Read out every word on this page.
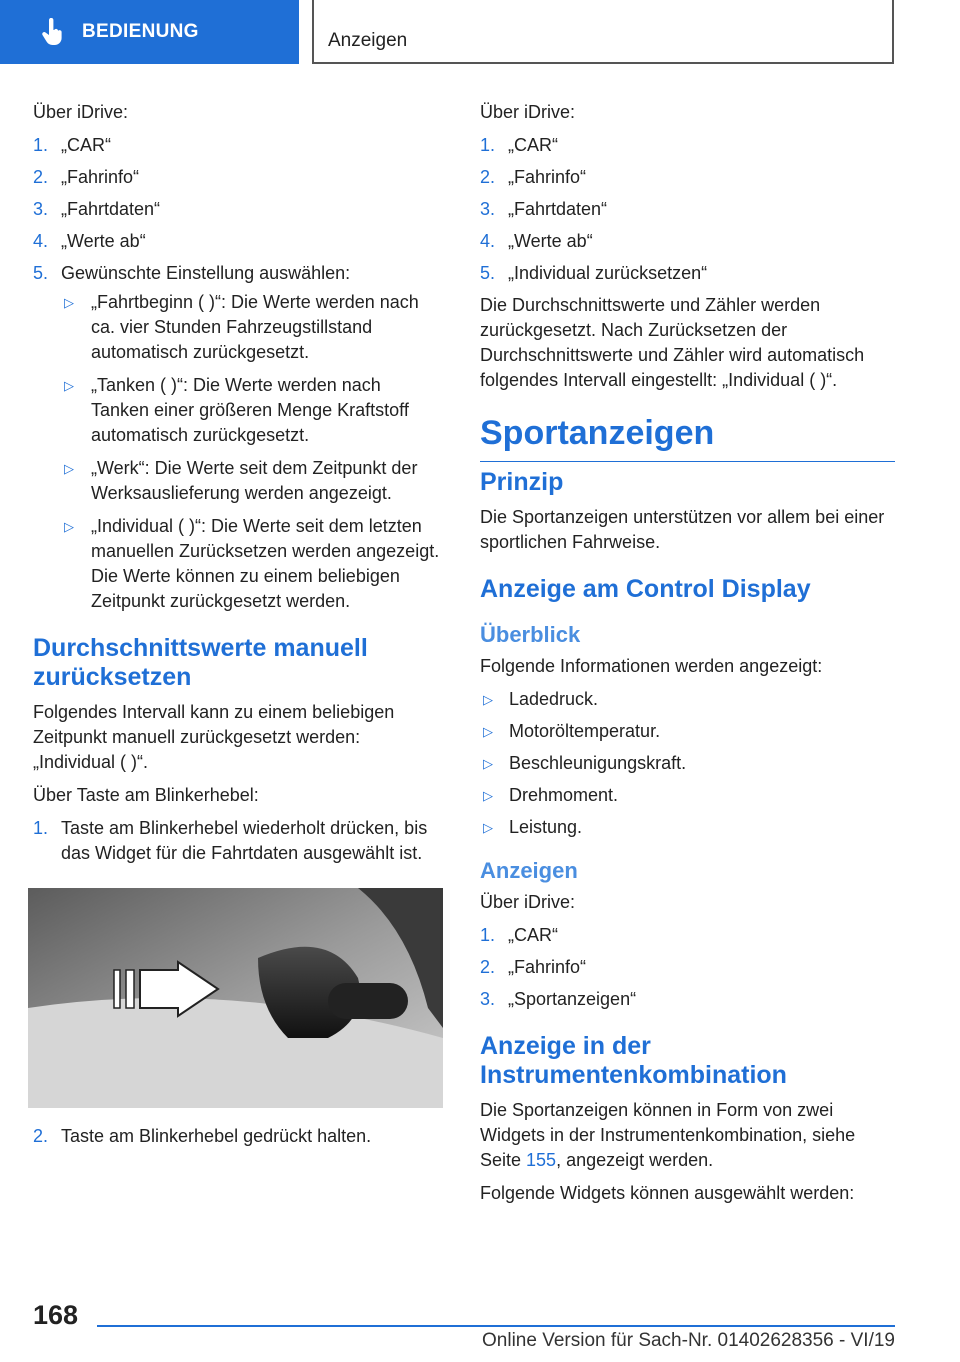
BEDIENUNG	Anzeigen

Über iDrive:

1. „CAR“
2. „Fahrinfo“
3. „Fahrtdaten“
4. „Werte ab“
5. Gewünschte Einstellung auswählen:
▷ „Fahrtbeginn ( )“: Die Werte werden nach ca. vier Stunden Fahrzeugstillstand automatisch zurückgesetzt.
▷ „Tanken ( )“: Die Werte werden nach Tanken einer größeren Menge Kraftstoff automatisch zurückgesetzt.
▷ „Werk“: Die Werte seit dem Zeitpunkt der Werksauslieferung werden angezeigt.
▷ „Individual ( )“: Die Werte seit dem letzten manuellen Zurücksetzen werden angezeigt. Die Werte können zu einem beliebigen Zeitpunkt zurückgesetzt werden.
Durchschnittswerte manuell zurücksetzen

Folgendes Intervall kann zu einem beliebigen Zeitpunkt manuell zurückgesetzt werden: „Individual ( )“.

Über Taste am Blinkerhebel:

1. Taste am Blinkerhebel wiederholt drücken, bis das Widget für die Fahrtdaten ausgewählt ist.
2. Taste am Blinkerhebel gedrückt halten.

Über iDrive:

1. „CAR“
2. „Fahrinfo“
3. „Fahrtdaten“
4. „Werte ab“
5. „Individual zurücksetzen“

Die Durchschnittswerte und Zähler werden zurückgesetzt. Nach Zurücksetzen der Durchschnittswerte und Zähler wird automatisch folgendes Intervall eingestellt: „Individual ( )“.

Sportanzeigen
Prinzip

Die Sportanzeigen unterstützen vor allem bei einer sportlichen Fahrweise.

Anzeige am Control Display
Überblick

Folgende Informationen werden angezeigt:

▷ Ladedruck.
▷ Motoröltemperatur.
▷ Beschleunigungskraft.
▷ Drehmoment.
▷ Leistung.
Anzeigen

Über iDrive:

1. „CAR“
2. „Fahrinfo“
3. „Sportanzeigen“
Anzeige in der Instrumentenkombination

Die Sportanzeigen können in Form von zwei Widgets in der Instrumentenkombination, siehe Seite 155, angezeigt werden.

Folgende Widgets können ausgewählt werden:

168
Online Version für Sach-Nr. 01402628356 - VI/19
